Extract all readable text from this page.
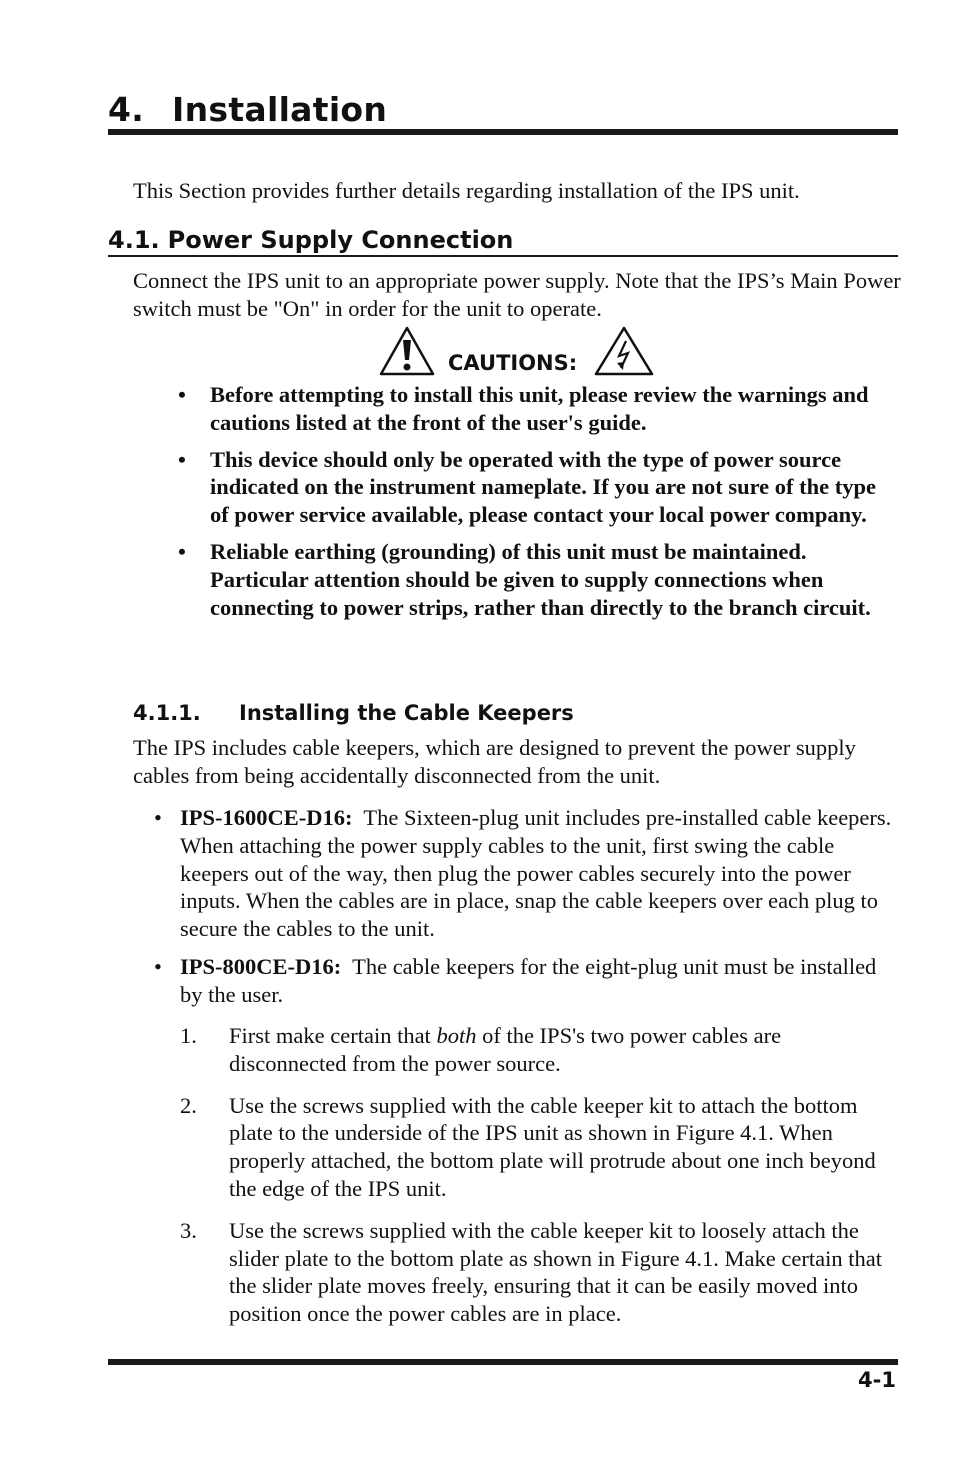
4. Installation
This Section provides further details regarding installation of the IPS unit.
4.1. Power Supply Connection
Connect the IPS unit to an appropriate power supply. Note that the IPS’s Main Power switch must be "On" in order for the unit to operate.
CAUTIONS:
•	Before attempting to install this unit, please review the warnings and cautions listed at the front of the user's guide.
•	This device should only be operated with the type of power source indicated on the instrument nameplate. If you are not sure of the type of power service available, please contact your local power company.
•	Reliable earthing (grounding) of this unit must be maintained. Particular attention should be given to supply connections when connecting to power strips, rather than directly to the branch circuit.
4.1.1. Installing the Cable Keepers
The IPS includes cable keepers, which are designed to prevent the power supply cables from being accidentally disconnected from the unit.
• IPS-1600CE-D16: The Sixteen-plug unit includes pre-installed cable keepers. When attaching the power supply cables to the unit, first swing the cable keepers out of the way, then plug the power cables securely into the power inputs. When the cables are in place, snap the cable keepers over each plug to secure the cables to the unit.
• IPS-800CE-D16: The cable keepers for the eight-plug unit must be installed by the user.
1.	First make certain that both of the IPS's two power cables are disconnected from the power source.
2.	Use the screws supplied with the cable keeper kit to attach the bottom plate to the underside of the IPS unit as shown in Figure 4.1. When properly attached, the bottom plate will protrude about one inch beyond the edge of the IPS unit.
3.	Use the screws supplied with the cable keeper kit to loosely attach the slider plate to the bottom plate as shown in Figure 4.1. Make certain that the slider plate moves freely, ensuring that it can be easily moved into position once the power cables are in place.
4-1
